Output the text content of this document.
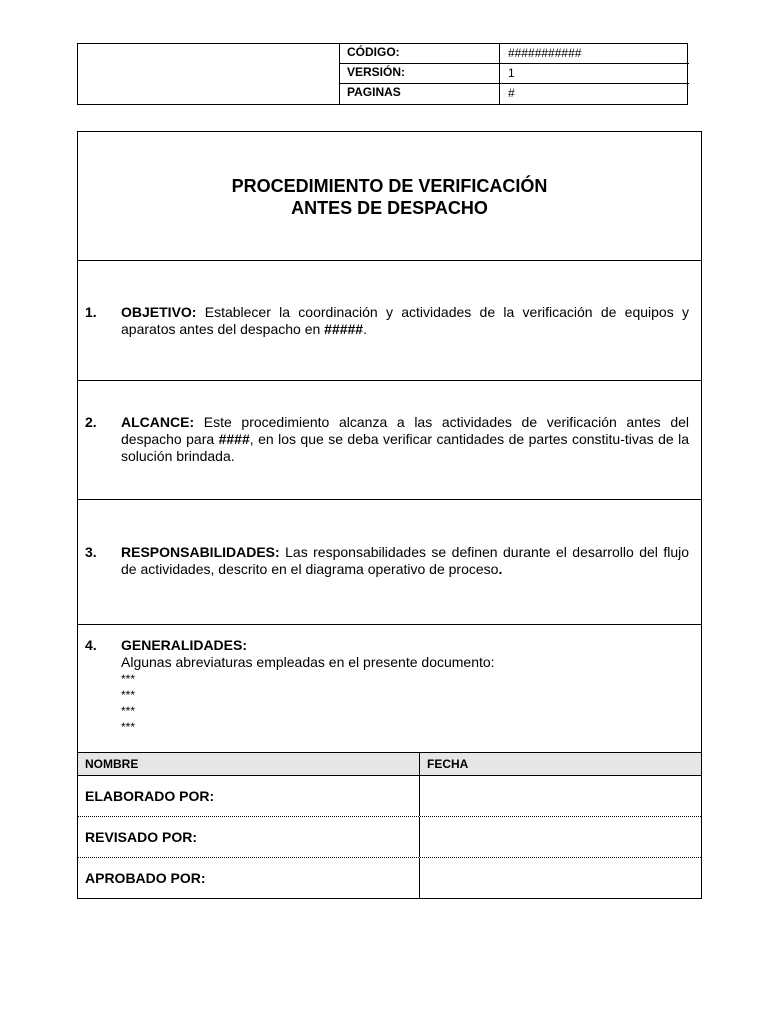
CÓDIGO:	###########
VERSIÓN:	1
PAGINAS	#
PROCEDIMIENTO DE VERIFICACIÓN
ANTES DE DESPACHO
1. OBJETIVO: Establecer la coordinación y actividades de la verificación de equipos y aparatos antes del despacho en #####.
2. ALCANCE: Este procedimiento alcanza a las actividades de verificación antes del despacho para ####, en los que se deba verificar cantidades de partes constitu-tivas de la solución brindada.
3. RESPONSABILIDADES: Las responsabilidades se definen durante el desarrollo del flujo de actividades, descrito en el diagrama operativo de proceso.
4. GENERALIDADES:
Algunas abreviaturas empleadas en el presente documento:
***
***
***
***
NOMBRE	FECHA
ELABORADO POR:
REVISADO POR:
APROBADO POR:
